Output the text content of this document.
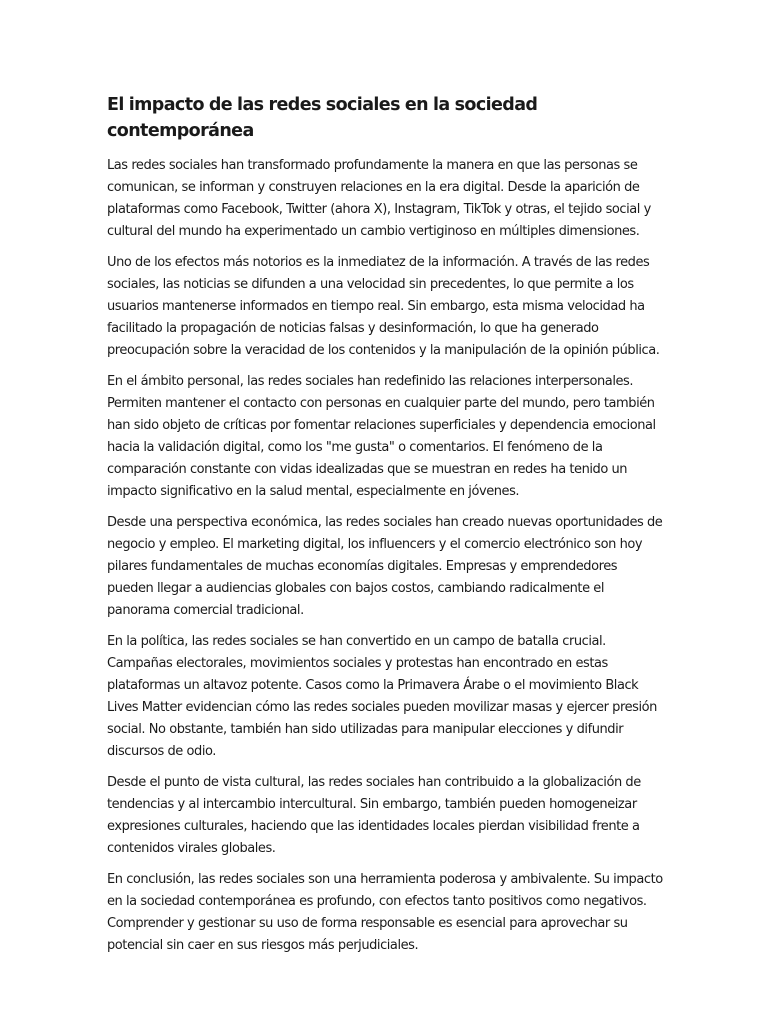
El impacto de las redes sociales en la sociedad contemporánea

Las redes sociales han transformado profundamente la manera en que las personas se comunican, se informan y construyen relaciones en la era digital. Desde la aparición de plataformas como Facebook, Twitter (ahora X), Instagram, TikTok y otras, el tejido social y cultural del mundo ha experimentado un cambio vertiginoso en múltiples dimensiones.

Uno de los efectos más notorios es la inmediatez de la información. A través de las redes sociales, las noticias se difunden a una velocidad sin precedentes, lo que permite a los usuarios mantenerse informados en tiempo real. Sin embargo, esta misma velocidad ha facilitado la propagación de noticias falsas y desinformación, lo que ha generado preocupación sobre la veracidad de los contenidos y la manipulación de la opinión pública.

En el ámbito personal, las redes sociales han redefinido las relaciones interpersonales. Permiten mantener el contacto con personas en cualquier parte del mundo, pero también han sido objeto de críticas por fomentar relaciones superficiales y dependencia emocional hacia la validación digital, como los "me gusta" o comentarios. El fenómeno de la comparación constante con vidas idealizadas que se muestran en redes ha tenido un impacto significativo en la salud mental, especialmente en jóvenes.

Desde una perspectiva económica, las redes sociales han creado nuevas oportunidades de negocio y empleo. El marketing digital, los influencers y el comercio electrónico son hoy pilares fundamentales de muchas economías digitales. Empresas y emprendedores pueden llegar a audiencias globales con bajos costos, cambiando radicalmente el panorama comercial tradicional.

En la política, las redes sociales se han convertido en un campo de batalla crucial. Campañas electorales, movimientos sociales y protestas han encontrado en estas plataformas un altavoz potente. Casos como la Primavera Árabe o el movimiento Black Lives Matter evidencian cómo las redes sociales pueden movilizar masas y ejercer presión social. No obstante, también han sido utilizadas para manipular elecciones y difundir discursos de odio.

Desde el punto de vista cultural, las redes sociales han contribuido a la globalización de tendencias y al intercambio intercultural. Sin embargo, también pueden homogeneizar expresiones culturales, haciendo que las identidades locales pierdan visibilidad frente a contenidos virales globales.

En conclusión, las redes sociales son una herramienta poderosa y ambivalente. Su impacto en la sociedad contemporánea es profundo, con efectos tanto positivos como negativos. Comprender y gestionar su uso de forma responsable es esencial para aprovechar su potencial sin caer en sus riesgos más perjudiciales.
